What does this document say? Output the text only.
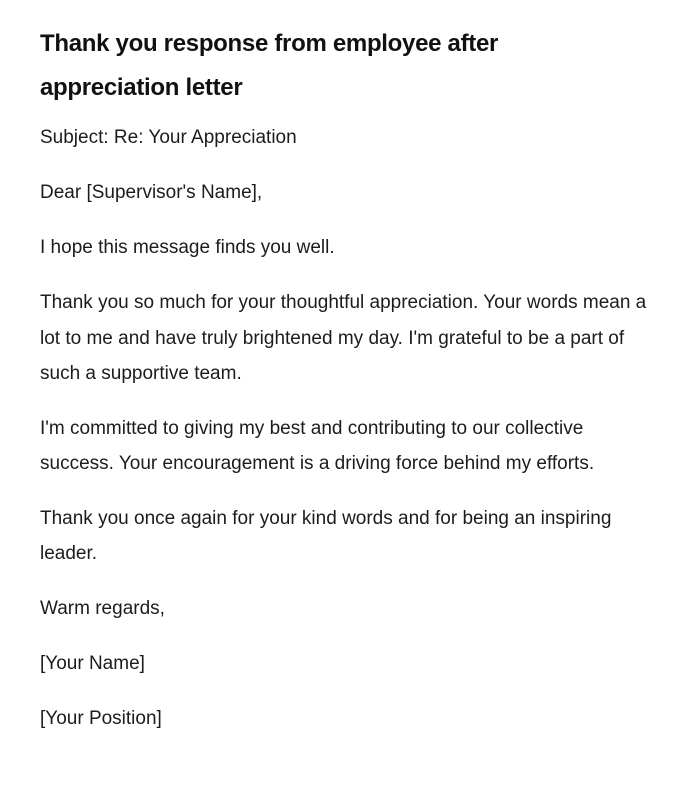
Thank you response from employee after appreciation letter

Subject: Re: Your Appreciation

Dear [Supervisor's Name],

I hope this message finds you well.

Thank you so much for your thoughtful appreciation. Your words mean a lot to me and have truly brightened my day. I'm grateful to be a part of such a supportive team.

I'm committed to giving my best and contributing to our collective success. Your encouragement is a driving force behind my efforts.

Thank you once again for your kind words and for being an inspiring leader.

Warm regards,

[Your Name]

[Your Position]
